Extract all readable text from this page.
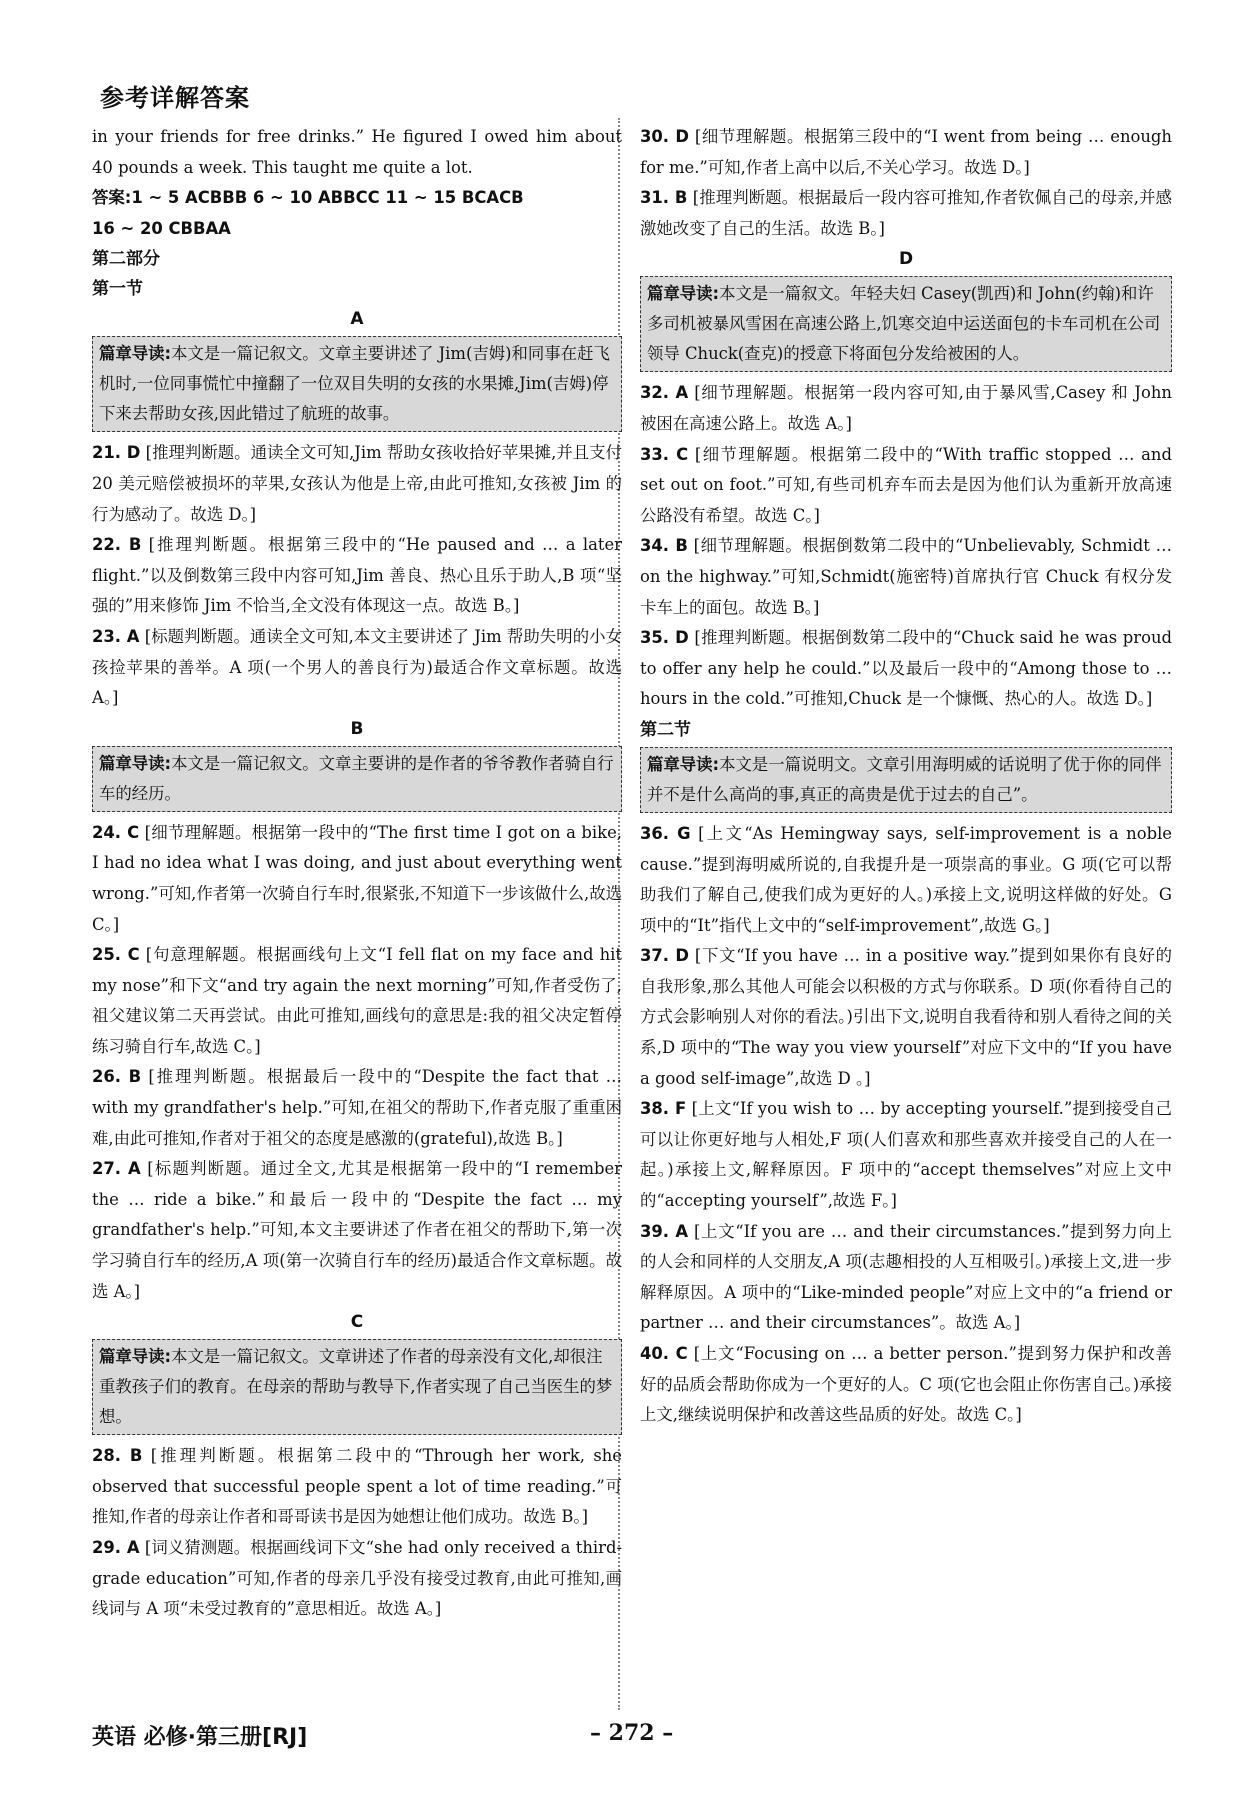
参考详解答案

in your friends for free drinks.” He figured I owed him about 40 pounds a week. This taught me quite a lot.

答案:1 ~ 5 ACBBB 6 ~ 10 ABBCC 11 ~ 15 BCACB

16 ~ 20 CBBAA

第二部分
第一节
A
篇章导读:本文是一篇记叙文。文章主要讲述了 Jim(吉姆)和同事在赶飞机时,一位同事慌忙中撞翻了一位双目失明的女孩的水果摊,Jim(吉姆)停下来去帮助女孩,因此错过了航班的故事。

21. D [推理判断题。通读全文可知,Jim 帮助女孩收拾好苹果摊,并且支付 20 美元赔偿被损坏的苹果,女孩认为他是上帝,由此可推知,女孩被 Jim 的行为感动了。故选 D。]

22. B [推理判断题。根据第三段中的“He paused and … a later flight.”以及倒数第三段中内容可知,Jim 善良、热心且乐于助人,B 项“坚强的”用来修饰 Jim 不恰当,全文没有体现这一点。故选 B。]

23. A [标题判断题。通读全文可知,本文主要讲述了 Jim 帮助失明的小女孩捡苹果的善举。A 项(一个男人的善良行为)最适合作文章标题。故选 A。]

B
篇章导读:本文是一篇记叙文。文章主要讲的是作者的爷爷教作者骑自行车的经历。

24. C [细节理解题。根据第一段中的“The first time I got on a bike, I had no idea what I was doing, and just about everything went wrong.”可知,作者第一次骑自行车时,很紧张,不知道下一步该做什么,故选 C。]

25. C [句意理解题。根据画线句上文“I fell flat on my face and hit my nose”和下文“and try again the next morning”可知,作者受伤了,祖父建议第二天再尝试。由此可推知,画线句的意思是:我的祖父决定暂停练习骑自行车,故选 C。]

26. B [推理判断题。根据最后一段中的“Despite the fact that … with my grandfather's help.”可知,在祖父的帮助下,作者克服了重重困难,由此可推知,作者对于祖父的态度是感激的(grateful),故选 B。]

27. A [标题判断题。通过全文,尤其是根据第一段中的“I remember the … ride a bike.”和最后一段中的“Despite the fact … my grandfather's help.”可知,本文主要讲述了作者在祖父的帮助下,第一次学习骑自行车的经历,A 项(第一次骑自行车的经历)最适合作文章标题。故选 A。]

C
篇章导读:本文是一篇记叙文。文章讲述了作者的母亲没有文化,却很注重教孩子们的教育。在母亲的帮助与教导下,作者实现了自己当医生的梦想。

28. B [推理判断题。根据第二段中的“Through her work, she observed that successful people spent a lot of time reading.”可推知,作者的母亲让作者和哥哥读书是因为她想让他们成功。故选 B。]

29. A [词义猜测题。根据画线词下文“she had only received a third-grade education”可知,作者的母亲几乎没有接受过教育,由此可推知,画线词与 A 项“未受过教育的”意思相近。故选 A。]

30. D [细节理解题。根据第三段中的“I went from being … enough for me.”可知,作者上高中以后,不关心学习。故选 D。]

31. B [推理判断题。根据最后一段内容可推知,作者钦佩自己的母亲,并感激她改变了自己的生活。故选 B。]

D
篇章导读:本文是一篇叙文。年轻夫妇 Casey(凯西)和 John(约翰)和许多司机被暴风雪困在高速公路上,饥寒交迫中运送面包的卡车司机在公司领导 Chuck(查克)的授意下将面包分发给被困的人。

32. A [细节理解题。根据第一段内容可知,由于暴风雪,Casey 和 John 被困在高速公路上。故选 A。]

33. C [细节理解题。根据第二段中的“With traffic stopped … and set out on foot.”可知,有些司机弃车而去是因为他们认为重新开放高速公路没有希望。故选 C。]

34. B [细节理解题。根据倒数第二段中的“Unbelievably, Schmidt … on the highway.”可知,Schmidt(施密特)首席执行官 Chuck 有权分发卡车上的面包。故选 B。]

35. D [推理判断题。根据倒数第二段中的“Chuck said he was proud to offer any help he could.”以及最后一段中的“Among those to … hours in the cold.”可推知,Chuck 是一个慷慨、热心的人。故选 D。]

第二节
篇章导读:本文是一篇说明文。文章引用海明威的话说明了优于你的同伴并不是什么高尚的事,真正的高贵是优于过去的自己”。

36. G [上文“As Hemingway says, self-improvement is a noble cause.”提到海明威所说的,自我提升是一项崇高的事业。G 项(它可以帮助我们了解自己,使我们成为更好的人。)承接上文,说明这样做的好处。G 项中的“It”指代上文中的“self-improvement”,故选 G。]

37. D [下文“If you have … in a positive way.”提到如果你有良好的自我形象,那么其他人可能会以积极的方式与你联系。D 项(你看待自己的方式会影响别人对你的看法。)引出下文,说明自我看待和别人看待之间的关系,D 项中的“The way you view yourself”对应下文中的“If you have a good self-image”,故选 D 。]

38. F [上文“If you wish to … by accepting yourself.”提到接受自己可以让你更好地与人相处,F 项(人们喜欢和那些喜欢并接受自己的人在一起。)承接上文,解释原因。F 项中的“accept themselves”对应上文中的“accepting yourself”,故选 F。]

39. A [上文“If you are … and their circumstances.”提到努力向上的人会和同样的人交朋友,A 项(志趣相投的人互相吸引。)承接上文,进一步解释原因。A 项中的“Like-minded people”对应上文中的“a friend or partner … and their circumstances”。故选 A。]

40. C [上文“Focusing on … a better person.”提到努力保护和改善好的品质会帮助你成为一个更好的人。C 项(它也会阻止你伤害自己。)承接上文,继续说明保护和改善这些品质的好处。故选 C。]

英语 必修·第三册[RJ]	– 272 –
